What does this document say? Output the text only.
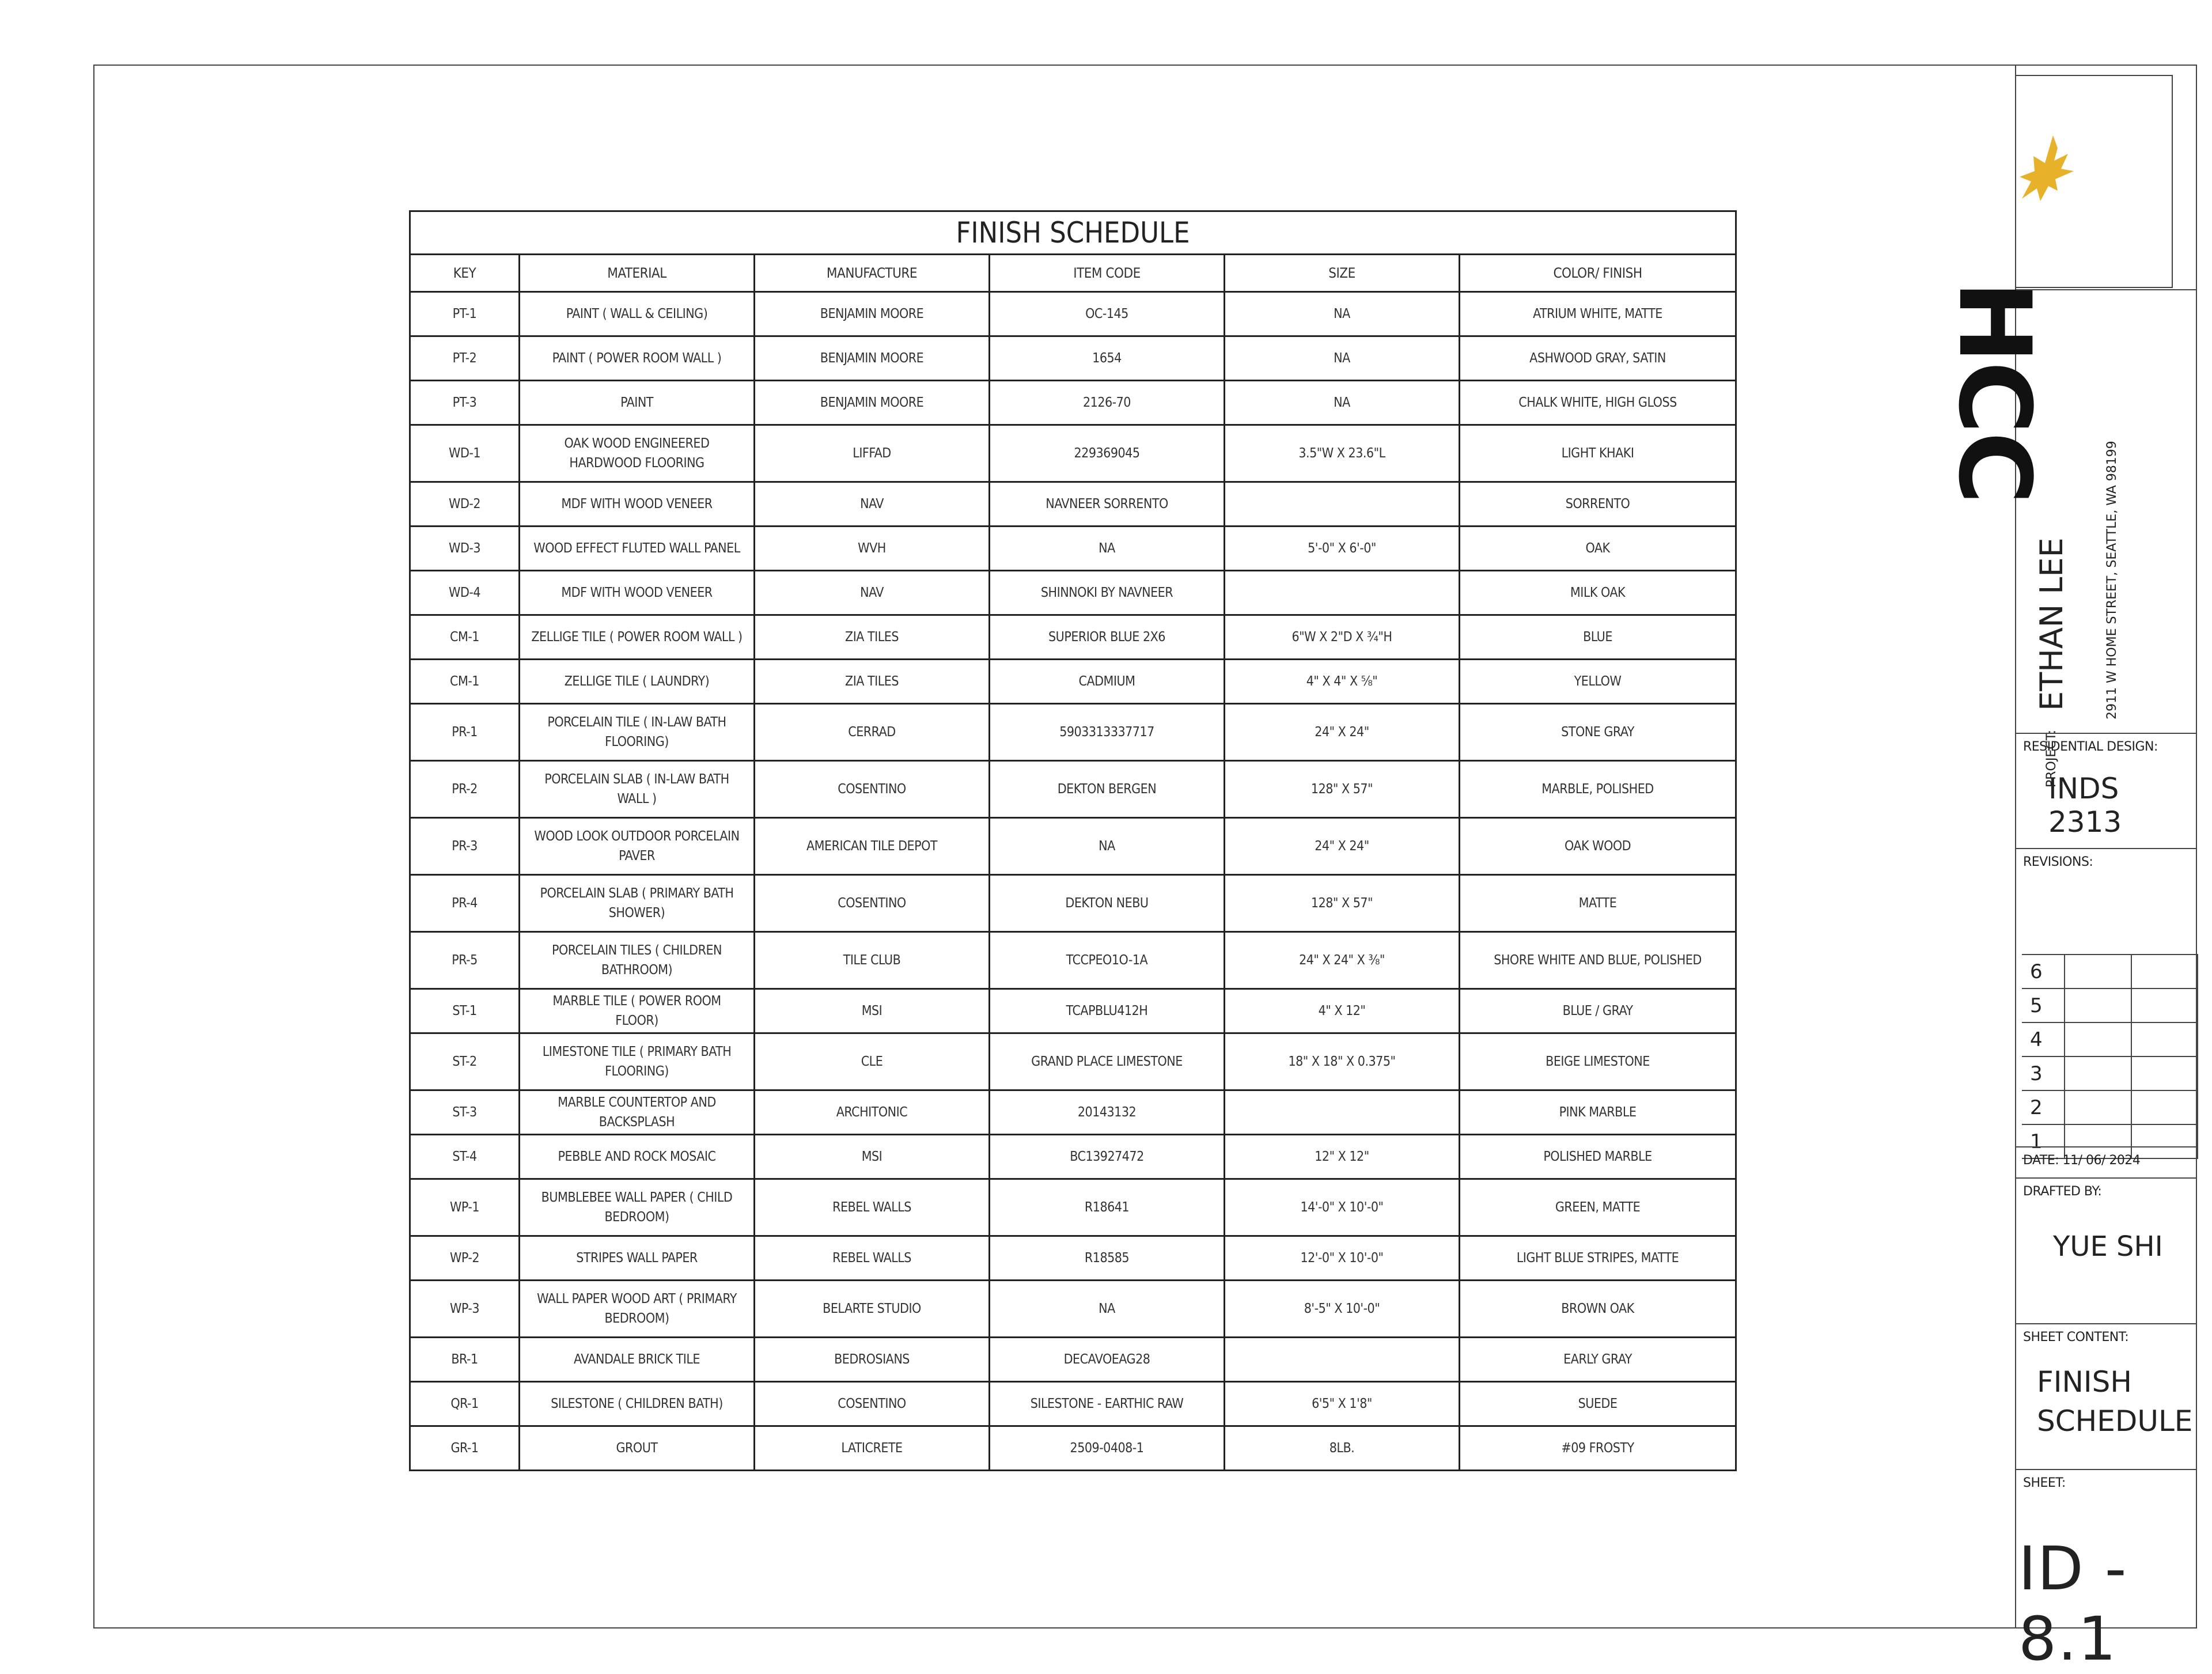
FINISH SCHEDULE					
KEY	MATERIAL	MANUFACTURE	ITEM CODE	SIZE	COLOR/ FINISH
PT-1	PAINT ( WALL & CEILING)	BENJAMIN MOORE	OC-145	NA	ATRIUM WHITE, MATTE
PT-2	PAINT ( POWER ROOM WALL )	BENJAMIN MOORE	1654	NA	ASHWOOD GRAY, SATIN
PT-3	PAINT	BENJAMIN MOORE	2126-70	NA	CHALK WHITE, HIGH GLOSS
WD-1	OAK WOOD ENGINEERED HARDWOOD FLOORING	LIFFAD	229369045	3.5"W X 23.6"L	LIGHT KHAKI
WD-2	MDF WITH WOOD VENEER	NAV	NAVNEER SORRENTO		SORRENTO
WD-3	WOOD EFFECT FLUTED WALL PANEL	WVH	NA	5'-0" X 6'-0"	OAK
WD-4	MDF WITH WOOD VENEER	NAV	SHINNOKI BY NAVNEER		MILK OAK
CM-1	ZELLIGE TILE ( POWER ROOM WALL )	ZIA TILES	SUPERIOR BLUE 2X6	6"W X 2"D X ¾"H	BLUE
CM-1	ZELLIGE TILE ( LAUNDRY)	ZIA TILES	CADMIUM	4" X 4" X ⅝"	YELLOW
PR-1	PORCELAIN TILE ( IN-LAW BATH FLOORING)	CERRAD	5903313337717	24" X 24"	STONE GRAY
PR-2	PORCELAIN SLAB ( IN-LAW BATH WALL )	COSENTINO	DEKTON BERGEN	128" X 57"	MARBLE, POLISHED
PR-3	WOOD LOOK OUTDOOR PORCELAIN PAVER	AMERICAN TILE DEPOT	NA	24" X 24"	OAK WOOD
PR-4	PORCELAIN SLAB ( PRIMARY BATH SHOWER)	COSENTINO	DEKTON NEBU	128" X 57"	MATTE
PR-5	PORCELAIN TILES ( CHILDREN BATHROOM)	TILE CLUB	TCCPEO1O-1A	24" X 24" X ⅜"	SHORE WHITE AND BLUE, POLISHED
ST-1	MARBLE TILE ( POWER ROOM FLOOR)	MSI	TCAPBLU412H	4" X 12"	BLUE / GRAY
ST-2	LIMESTONE TILE ( PRIMARY BATH FLOORING)	CLE	GRAND PLACE LIMESTONE	18" X 18" X 0.375"	BEIGE LIMESTONE
ST-3	MARBLE COUNTERTOP AND BACKSPLASH	ARCHITONIC	20143132		PINK MARBLE
ST-4	PEBBLE AND ROCK MOSAIC	MSI	BC13927472	12" X 12"	POLISHED MARBLE
WP-1	BUMBLEBEE WALL PAPER ( CHILD BEDROOM)	REBEL WALLS	R18641	14'-0" X 10'-0"	GREEN, MATTE
WP-2	STRIPES WALL PAPER	REBEL WALLS	R18585	12'-0" X 10'-0"	LIGHT BLUE STRIPES, MATTE
WP-3	WALL PAPER WOOD ART ( PRIMARY BEDROOM)	BELARTE STUDIO	NA	8'-5" X 10'-0"	BROWN OAK
BR-1	AVANDALE BRICK TILE	BEDROSIANS	DECAVOEAG28		EARLY GRAY
QR-1	SILESTONE ( CHILDREN BATH)	COSENTINO	SILESTONE - EARTHIC RAW	6'5" X 1'8"	SUEDE
GR-1	GROUT	LATICRETE	2509-0408-1	8LB.	#09 FROSTY
HCC
PROJECT: ETHAN LEE	2911 W HOME STREET, SEATTLE, WA 98199
RESIDENTIAL DESIGN:
INDS 2313
REVISIONS:
6		
5		
4		
3		
2		
1		
DATE: 11/ 06/ 2024
DRAFTED BY:
YUE SHI
SHEET CONTENT:
FINISH
SCHEDULE
SHEET:
ID - 8.1
